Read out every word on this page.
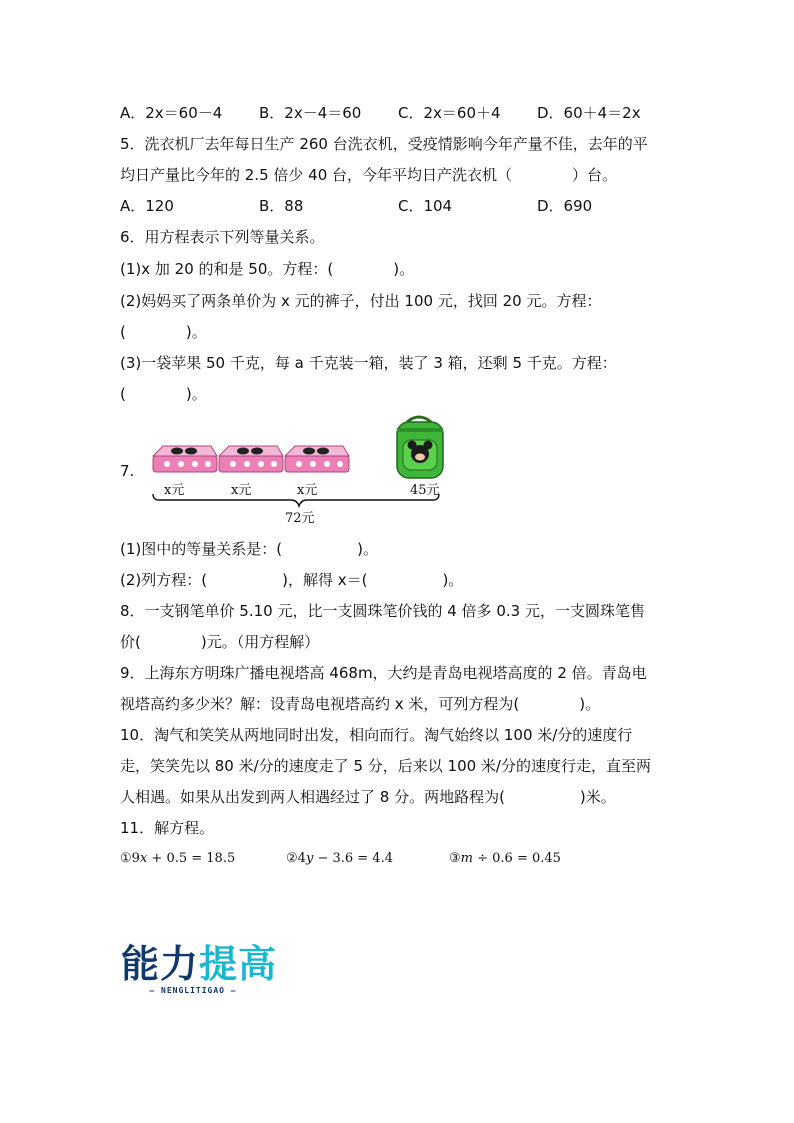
A．2x＝60－4 B．2x－4＝60 C．2x＝60＋4 D．60＋4＝2x
5．洗衣机厂去年每日生产 260 台洗衣机，受疫情影响今年产量不佳，去年的平
均日产量比今年的 2.5 倍少 40 台，今年平均日产洗衣机（　　　　）台。
A．120	B．88	C．104	D．690
6．用方程表示下列等量关系。
(1)x 加 20 的和是 50。方程：(　　　　)。
(2)妈妈买了两条单价为 x 元的裤子，付出 100 元，找回 20 元。方程：
(　　　　)。
(3)一袋苹果 50 千克，每 a 千克装一箱，装了 3 箱，还剩 5 千克。方程：
(　　　　)。
7.
x元	x元	x元	45元
72元
(1)图中的等量关系是：(　　　　　)。
(2)列方程：(　　　　　)，解得 x＝(　　　　　)。
8．一支钢笔单价 5.10 元，比一支圆珠笔价钱的 4 倍多 0.3 元，一支圆珠笔售
价(　　　　)元。（用方程解）
9．上海东方明珠广播电视塔高 468m，大约是青岛电视塔高度的 2 倍。青岛电
视塔高约多少米？解：设青岛电视塔高约 x 米，可列方程为(　　　　)。
10．淘气和笑笑从两地同时出发，相向而行。淘气始终以 100 米/分的速度行
走，笑笑先以 80 米/分的速度走了 5 分，后来以 100 米/分的速度行走，直至两
人相遇。如果从出发到两人相遇经过了 8 分。两地路程为(　　　　　)米。
11．解方程。
①9x + 0.5 = 18.5	②4y − 3.6 = 4.4	③m ÷ 0.6 = 0.45
能力提高
— NENGLITIGAO —
